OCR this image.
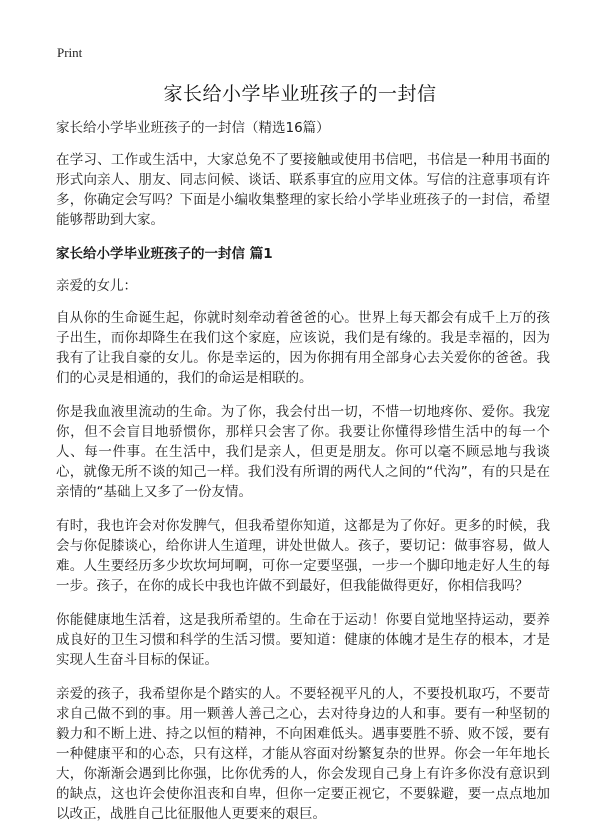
Print
家长给小学毕业班孩子的一封信

家长给小学毕业班孩子的一封信（精选16篇）

在学习、工作或生活中，大家总免不了要接触或使用书信吧，书信是一种用书面的形式向亲人、朋友、同志问候、谈话、联系事宜的应用文体。写信的注意事项有许多，你确定会写吗？下面是小编收集整理的家长给小学毕业班孩子的一封信，希望能够帮助到大家。

家长给小学毕业班孩子的一封信 篇1

亲爱的女儿：

自从你的生命诞生起，你就时刻牵动着爸爸的心。世界上每天都会有成千上万的孩子出生，而你却降生在我们这个家庭，应该说，我们是有缘的。我是幸福的，因为我有了让我自豪的女儿。你是幸运的，因为你拥有用全部身心去关爱你的爸爸。我们的心灵是相通的，我们的命运是相联的。

你是我血液里流动的生命。为了你，我会付出一切，不惜一切地疼你、爱你。我宠你，但不会盲目地骄惯你，那样只会害了你。我要让你懂得珍惜生活中的每一个人、每一件事。在生活中，我们是亲人，但更是朋友。你可以毫不顾忌地与我谈心，就像无所不谈的知己一样。我们没有所谓的两代人之间的“代沟”，有的只是在亲情的“基础上又多了一份友情。

有时，我也许会对你发脾气，但我希望你知道，这都是为了你好。更多的时候，我会与你促膝谈心，给你讲人生道理，讲处世做人。孩子，要切记：做事容易，做人难。人生要经历多少坎坎坷坷啊，可你一定要坚强，一步一个脚印地走好人生的每一步。孩子，在你的成长中我也许做不到最好，但我能做得更好，你相信我吗？

你能健康地生活着，这是我所希望的。生命在于运动！你要自觉地坚持运动，要养成良好的卫生习惯和科学的生活习惯。要知道：健康的体魄才是生存的根本，才是实现人生奋斗目标的保证。

亲爱的孩子，我希望你是个踏实的人。不要轻视平凡的人，不要投机取巧，不要苛求自己做不到的事。用一颗善人善己之心，去对待身边的人和事。要有一种坚韧的毅力和不断上进、持之以恒的精神，不向困难低头。遇事要胜不骄、败不馁，要有一种健康平和的心态，只有这样，才能从容面对纷繁复杂的世界。你会一年年地长大，你渐渐会遇到比你强，比你优秀的人，你会发现自己身上有许多你没有意识到的缺点，这也许会使你沮丧和自卑，但你一定要正视它，不要躲避，要一点点地加以改正，战胜自己比征服他人更要来的艰巨。
